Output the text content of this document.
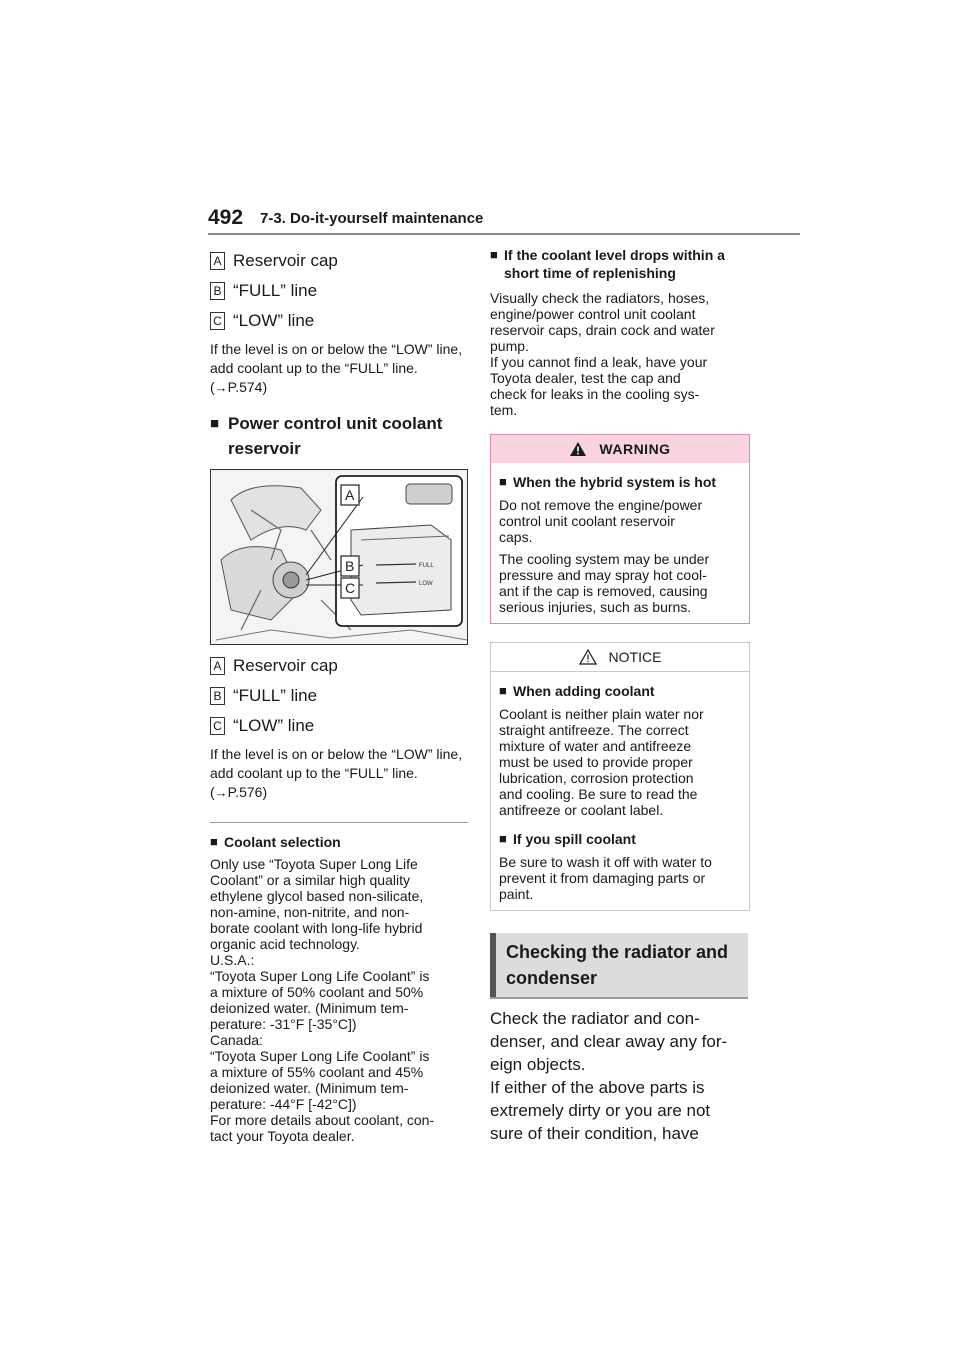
492 7-3. Do-it-yourself maintenance
A Reservoir cap
B “FULL” line
C “LOW” line
If the level is on or below the “LOW” line, add coolant up to the “FULL” line. (→P.574)
■ Power control unit coolant reservoir
FULL
LOW
A
B
C
A Reservoir cap
B “FULL” line
C “LOW” line
If the level is on or below the “LOW” line, add coolant up to the “FULL” line. (→P.576)
■ Coolant selection
Only use “Toyota Super Long Life
Coolant” or a similar high quality
ethylene glycol based non-silicate,
non-amine, non-nitrite, and non-
borate coolant with long-life hybrid
organic acid technology.
U.S.A.:
“Toyota Super Long Life Coolant” is
a mixture of 50% coolant and 50%
deionized water. (Minimum tem-
perature: -31°F [-35°C])
Canada:
“Toyota Super Long Life Coolant” is
a mixture of 55% coolant and 45%
deionized water. (Minimum tem-
perature: -44°F [-42°C])
For more details about coolant, con-
tact your Toyota dealer.
■ If the coolant level drops within a short time of replenishing
Visually check the radiators, hoses,
engine/power control unit coolant
reservoir caps, drain cock and water
pump.
If you cannot find a leak, have your
Toyota dealer, test the cap and
check for leaks in the cooling sys-
tem.
WARNING
■ When the hybrid system is hot
Do not remove the engine/power
control unit coolant reservoir
caps.
The cooling system may be under
pressure and may spray hot cool-
ant if the cap is removed, causing
serious injuries, such as burns.
NOTICE
■ When adding coolant
Coolant is neither plain water nor
straight antifreeze. The correct
mixture of water and antifreeze
must be used to provide proper
lubrication, corrosion protection
and cooling. Be sure to read the
antifreeze or coolant label.
■ If you spill coolant
Be sure to wash it off with water to
prevent it from damaging parts or
paint.
Checking the radiator and condenser
Check the radiator and con-
denser, and clear away any for-
eign objects.
If either of the above parts is
extremely dirty or you are not
sure of their condition, have
